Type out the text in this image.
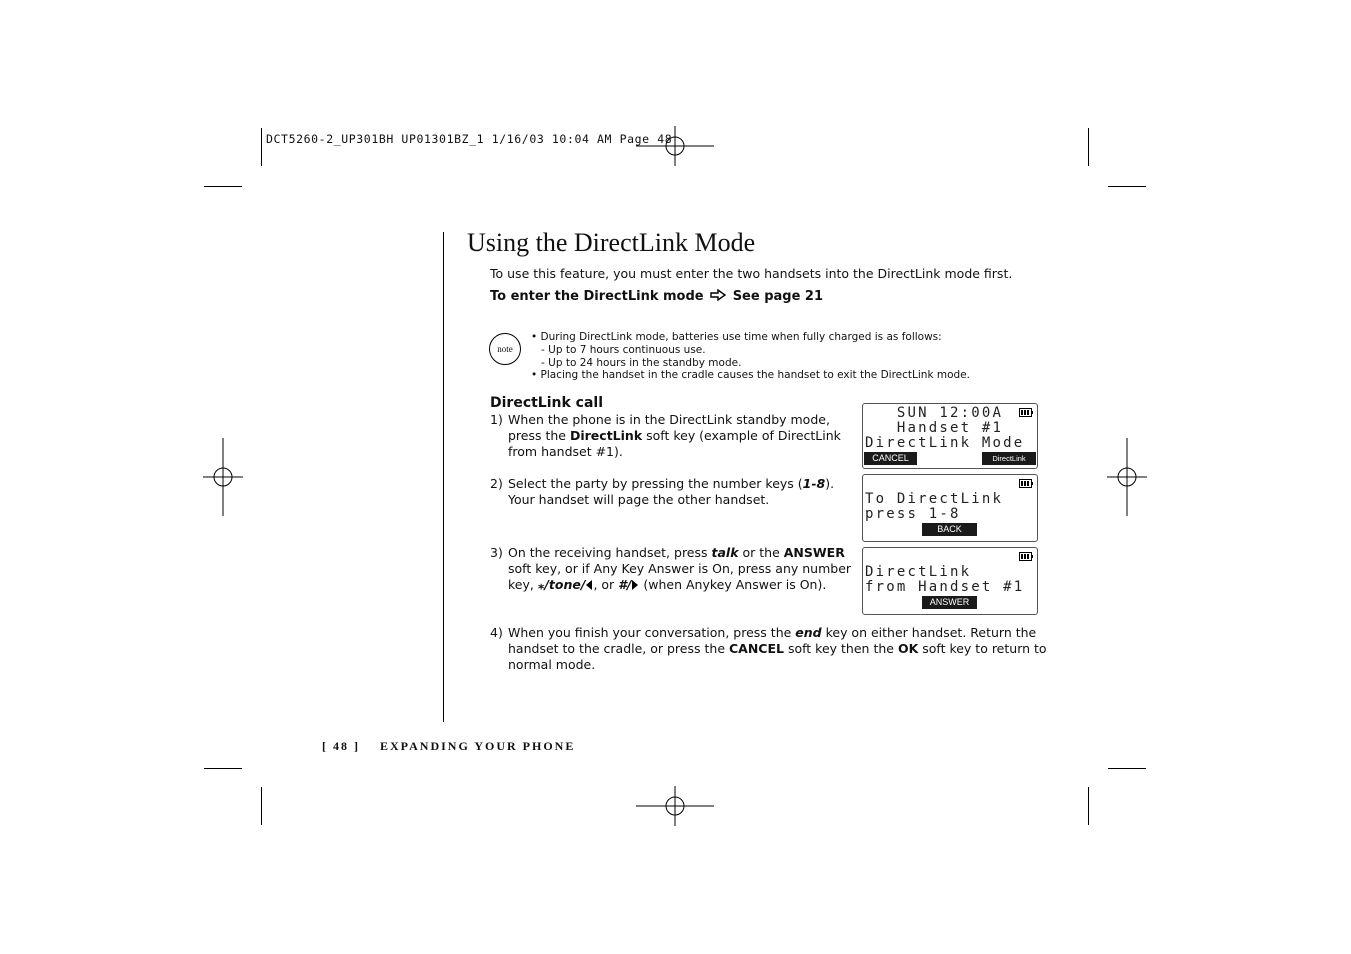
DCT5260-2_UP301BH UP01301BZ_1 1/16/03 10:04 AM Page 48
Using the DirectLink Mode
To use this feature, you must enter the two handsets into the DirectLink mode first.
To enter the DirectLink mode See page 21
note
• During DirectLink mode, batteries use time when fully charged is as follows:
- Up to 7 hours continuous use.
- Up to 24 hours in the standby mode.
• Placing the handset in the cradle causes the handset to exit the DirectLink mode.
DirectLink call
1) When the phone is in the DirectLink standby mode,
press the DirectLink soft key (example of DirectLink
from handset #1).
2) Select the party by pressing the number keys (1-8).
Your handset will page the other handset.
3) On the receiving handset, press talk or the ANSWER
soft key, or if Any Key Answer is On, press any number
key, ⁎/tone/ , or #/ (when Anykey Answer is On).
4) When you finish your conversation, press the end key on either handset. Return the
handset to the cradle, or press the CANCEL soft key then the OK soft key to return to
normal mode.
SUN 12:00A
Handset #1
DirectLink Mode
CANCEL	DirectLink
To DirectLink
press 1-8
BACK
DirectLink
from Handset #1
ANSWER
[ 48 ] EXPANDING YOUR PHONE
